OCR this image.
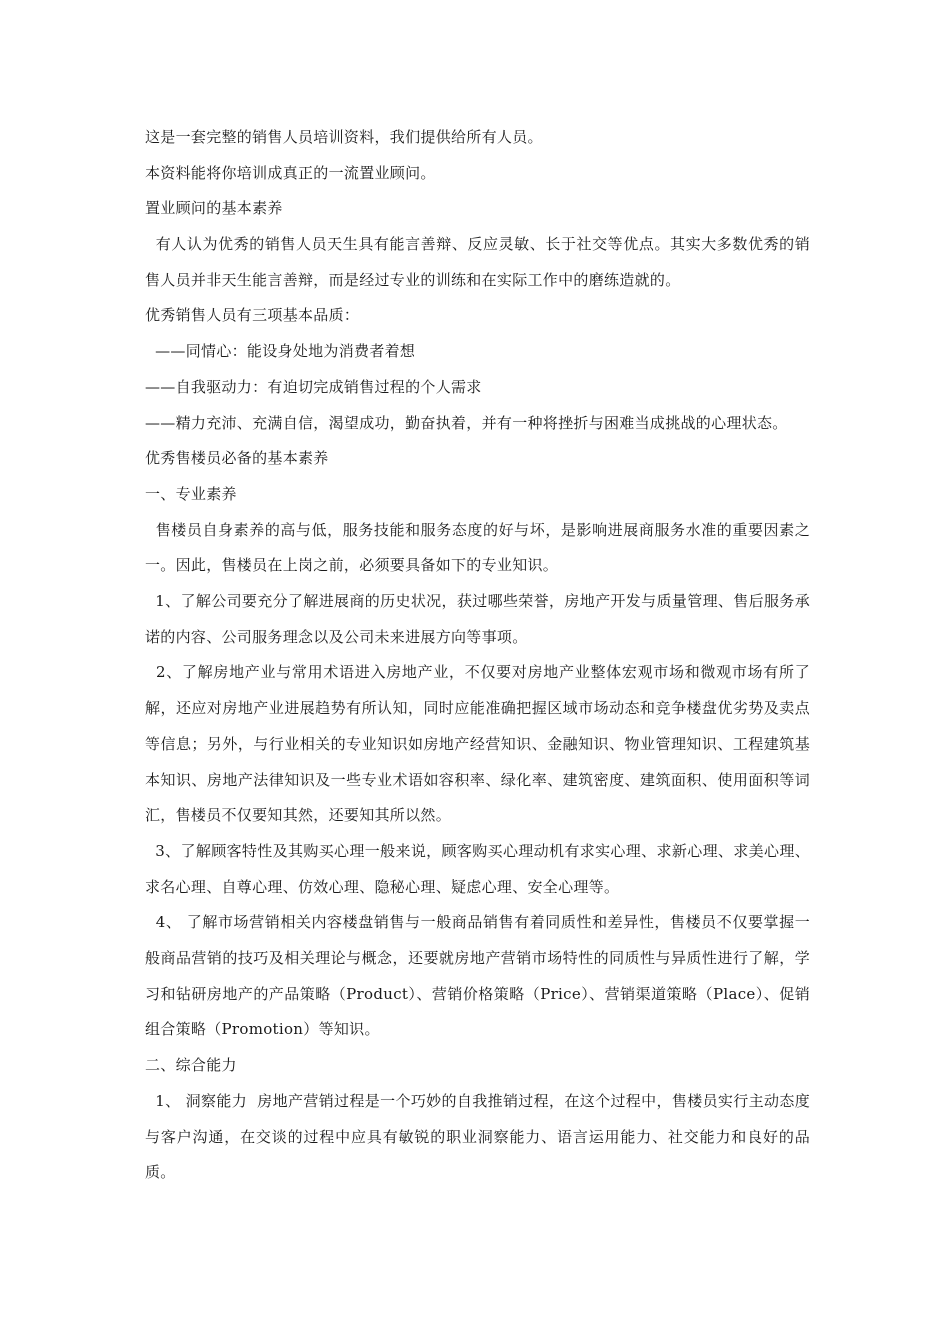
这是一套完整的销售人员培训资料，我们提供给所有人员。
本资料能将你培训成真正的一流置业顾问。
置业顾问的基本素养
有人认为优秀的销售人员天生具有能言善辩、反应灵敏、长于社交等优点。其实大多数优秀的销售人员并非天生能言善辩，而是经过专业的训练和在实际工作中的磨练造就的。
优秀销售人员有三项基本品质：
——同情心：能设身处地为消费者着想
——自我驱动力：有迫切完成销售过程的个人需求
——精力充沛、充满自信，渴望成功，勤奋执着，并有一种将挫折与困难当成挑战的心理状态。
优秀售楼员必备的基本素养
一、专业素养
售楼员自身素养的高与低，服务技能和服务态度的好与坏，是影响进展商服务水准的重要因素之一。因此，售楼员在上岗之前，必须要具备如下的专业知识。
1、了解公司要充分了解进展商的历史状况，获过哪些荣誉，房地产开发与质量管理、售后服务承诺的内容、公司服务理念以及公司未来进展方向等事项。
2、了解房地产业与常用术语进入房地产业，不仅要对房地产业整体宏观市场和微观市场有所了解，还应对房地产业进展趋势有所认知，同时应能准确把握区域市场动态和竞争楼盘优劣势及卖点等信息；另外，与行业相关的专业知识如房地产经营知识、金融知识、物业管理知识、工程建筑基本知识、房地产法律知识及一些专业术语如容积率、绿化率、建筑密度、建筑面积、使用面积等词汇，售楼员不仅要知其然，还要知其所以然。
3、了解顾客特性及其购买心理一般来说，顾客购买心理动机有求实心理、求新心理、求美心理、求名心理、自尊心理、仿效心理、隐秘心理、疑虑心理、安全心理等。
4、 了解市场营销相关内容楼盘销售与一般商品销售有着同质性和差异性，售楼员不仅要掌握一般商品营销的技巧及相关理论与概念，还要就房地产营销市场特性的同质性与异质性进行了解，学习和钻研房地产的产品策略（Product）、营销价格策略（Price）、营销渠道策略（Place）、促销组合策略（Promotion）等知识。
二、综合能力
1、 洞察能力  房地产营销过程是一个巧妙的自我推销过程，在这个过程中，售楼员实行主动态度与客户沟通，在交谈的过程中应具有敏锐的职业洞察能力、语言运用能力、社交能力和良好的品质。
